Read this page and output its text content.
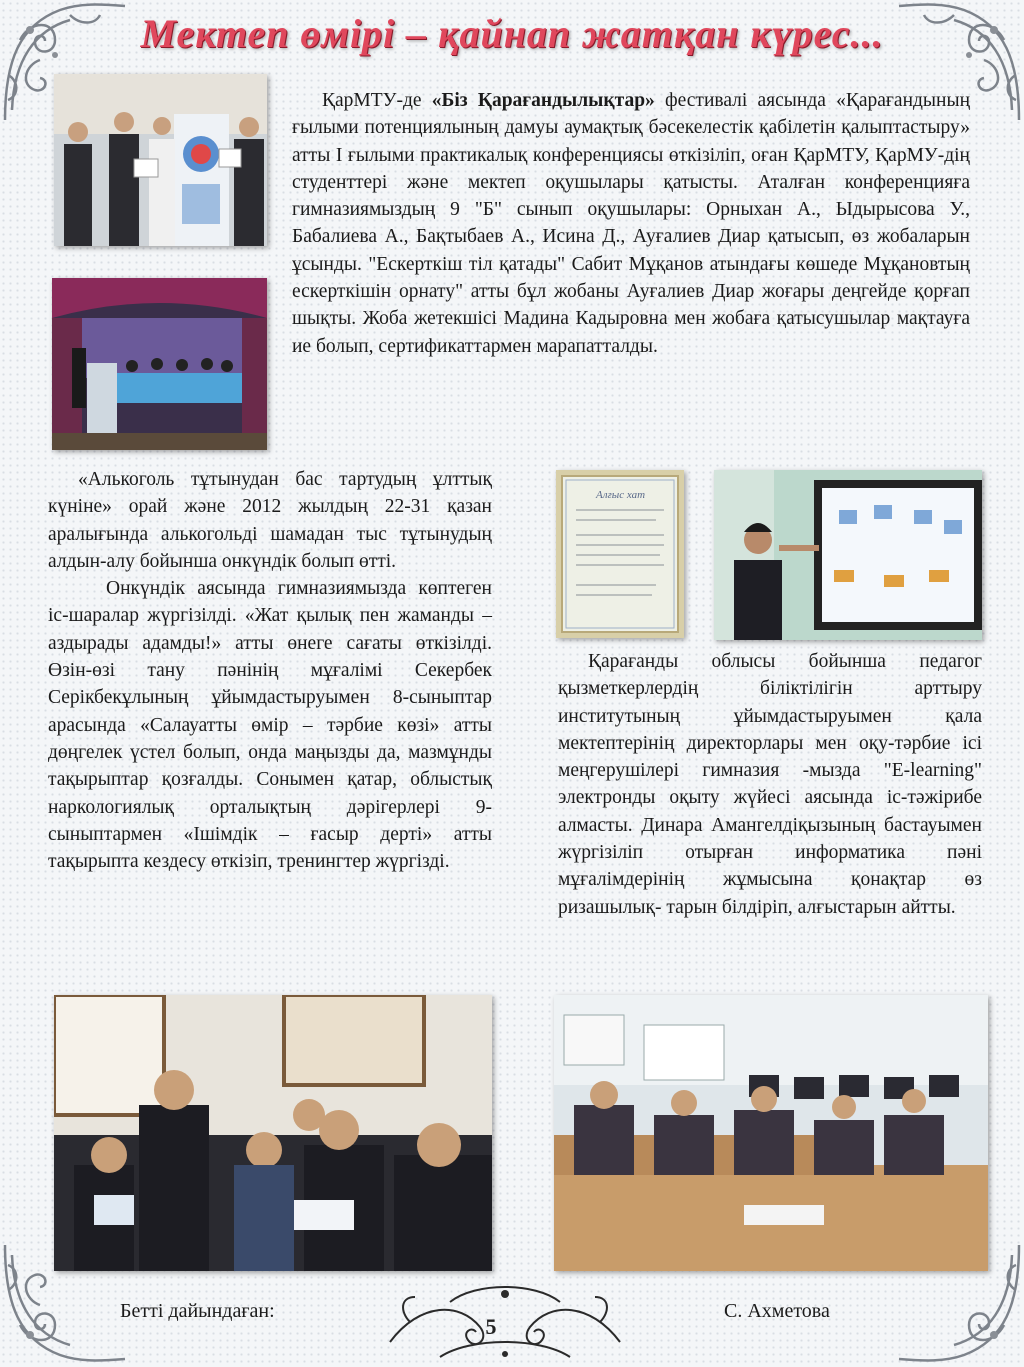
Мектеп өмірі – қайнап жатқан күрес...

ҚарМТУ-де «Біз Қарағандылықтар» фестивалі аясында «Қарағандының ғылыми потенциялының дамуы аумақтық бәсекелестік қабілетін қалыптастыру» атты І ғылыми практикалық конференциясы өткізіліп, оған ҚарМТУ, ҚарМУ-дің студенттері және мектеп оқушылары қатысты. Аталған конференцияға гимназиямыздың 9 "Б" сынып оқушылары: Орныхан А., Ыдырысова У., Бабалиева А., Бақтыбаев А., Исина Д., Ауғалиев Диар қатысып, өз жобаларын ұсынды. "Ескерткіш тіл қатады" Сабит Мұқанов атындағы көшеде Мұқановтың ескерткішін орнату" атты бұл жобаны Ауғалиев Диар жоғары деңгейде қорғап шықты. Жоба жетекшісі Мадина Кадыровна мен жобаға қатысушылар мақтауға ие болып, сертификаттармен марапатталды.

«Алькоголь тұтынудан бас тартудың ұлттық күніне» орай және 2012 жылдың 22-31 қазан аралығында алькогольді шамадан тыс тұтынудың алдын-алу бойынша онкүндік болып өтті.

Онкүндік аясында гимназиямызда көптеген іс-шаралар жүргізілді. «Жат қылық пен жаманды – аздырады адамды!» атты өнеге сағаты өткізілді. Өзін-өзі тану пәнінің мұғалімі Секербек Серікбекұлының ұйымдастыруымен 8-сыныптар арасында «Салауатты өмір – тәрбие көзі» атты дөңгелек үстел болып, онда маңызды да, мазмұнды тақырыптар қозғалды. Сонымен қатар, облыстық наркологиялық орталықтың дәрігерлері 9-сыныптармен «Ішімдік – ғасыр дерті» атты тақырыпта кездесу өткізіп, тренингтер жүргізді.

Алғыс хат

Қарағанды облысы бойынша педагог қызметкерлердің біліктілігін арттыру институтының ұйымдастыруымен қала мектептерінің директорлары мен оқу-тәрбие ісі меңгерушілері гимназия -мызда "E-learning" электронды оқыту жүйесі аясында іс-тәжірибе алмасты. Динара Амангелдіқызының бастауымен жүргізіліп отырған информатика пәні мұғалімдерінің жұмысына қонақтар өз ризашылық- тарын білдіріп, алғыстарын айтты.

Бетті дайындаған:
5
С. Ахметова
